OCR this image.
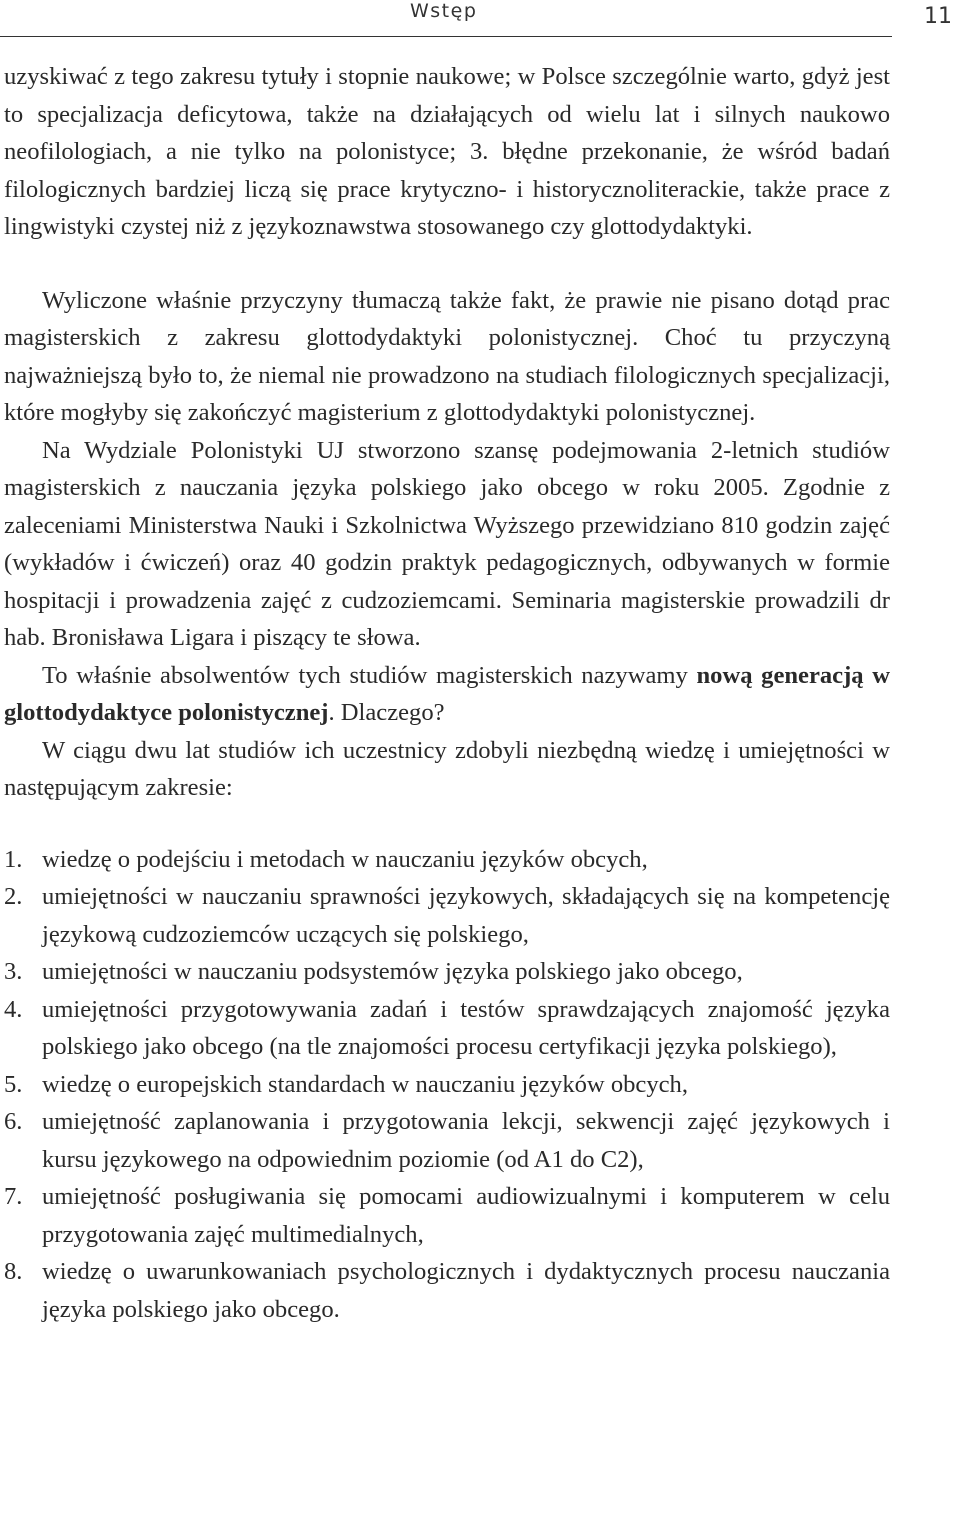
Wstęp	11

uzyskiwać z tego zakresu tytuły i stopnie naukowe; w Polsce szczególnie warto, gdyż jest to specjalizacja deficytowa, także na działających od wielu lat i silnych naukowo neofilologiach, a nie tylko na polonistyce; 3. błędne przekonanie, że wśród badań filologicznych bardziej liczą się prace krytyczno- i historycznoliterackie, także prace z lingwistyki czystej niż z językoznawstwa stosowanego czy glottodydaktyki.

Wyliczone właśnie przyczyny tłumaczą także fakt, że prawie nie pisano dotąd prac magisterskich z zakresu glottodydaktyki polonistycznej. Choć tu przyczyną najważniejszą było to, że niemal nie prowadzono na studiach filologicznych specjalizacji, które mogłyby się zakończyć magisterium z glottodydaktyki polonistycznej.

Na Wydziale Polonistyki UJ stworzono szansę podejmowania 2-letnich studiów magisterskich z nauczania języka polskiego jako obcego w roku 2005. Zgodnie z zaleceniami Ministerstwa Nauki i Szkolnictwa Wyższego przewidziano 810 godzin zajęć (wykładów i ćwiczeń) oraz 40 godzin praktyk pedagogicznych, odbywanych w formie hospitacji i prowadzenia zajęć z cudzoziemcami. Seminaria magisterskie prowadzili dr hab. Bronisława Ligara i piszący te słowa.

To właśnie absolwentów tych studiów magisterskich nazywamy nową generacją w glottodydaktyce polonistycznej. Dlaczego?

W ciągu dwu lat studiów ich uczestnicy zdobyli niezbędną wiedzę i umiejętności w następującym zakresie:

1. wiedzę o podejściu i metodach w nauczaniu języków obcych,
2. umiejętności w nauczaniu sprawności językowych, składających się na kompetencję językową cudzoziemców uczących się polskiego,
3. umiejętności w nauczaniu podsystemów języka polskiego jako obcego,
4. umiejętności przygotowywania zadań i testów sprawdzających znajomość języka polskiego jako obcego (na tle znajomości procesu certyfikacji języka polskiego),
5. wiedzę o europejskich standardach w nauczaniu języków obcych,
6. umiejętność zaplanowania i przygotowania lekcji, sekwencji zajęć językowych i kursu językowego na odpowiednim poziomie (od A1 do C2),
7. umiejętność posługiwania się pomocami audiowizualnymi i komputerem w celu przygotowania zajęć multimedialnych,
8. wiedzę o uwarunkowaniach psychologicznych i dydaktycznych procesu nauczania języka polskiego jako obcego.
